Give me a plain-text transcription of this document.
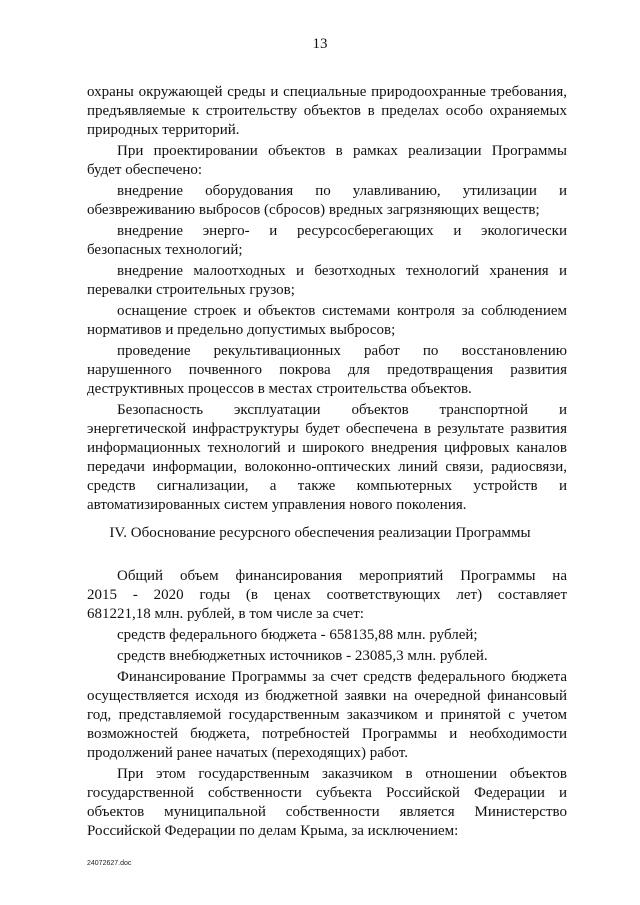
13
охраны окружающей среды и специальные природоохранные требования,
предъявляемые к строительству объектов в пределах особо охраняемых
природных территорий.
При проектировании объектов в рамках реализации Программы
будет обеспечено:
внедрение оборудования по улавливанию, утилизации и
обезвреживанию выбросов (сбросов) вредных загрязняющих веществ;
внедрение энерго- и ресурсосберегающих и экологически
безопасных технологий;
внедрение малоотходных и безотходных технологий хранения и
перевалки строительных грузов;
оснащение строек и объектов системами контроля за соблюдением
нормативов и предельно допустимых выбросов;
проведение рекультивационных работ по восстановлению
нарушенного почвенного покрова для предотвращения развития
деструктивных процессов в местах строительства объектов.
Безопасность эксплуатации объектов транспортной и
энергетической инфраструктуры будет обеспечена в результате развития
информационных технологий и широкого внедрения цифровых каналов
передачи информации, волоконно-оптических линий связи, радиосвязи,
средств сигнализации, а также компьютерных устройств и
автоматизированных систем управления нового поколения.
Общий объем финансирования мероприятий Программы на
2015 - 2020 годы (в ценах соответствующих лет) составляет
681221,18 млн. рублей, в том числе за счет:
средств федерального бюджета - 658135,88 млн. рублей;
средств внебюджетных источников - 23085,3 млн. рублей.
Финансирование Программы за счет средств федерального бюджета
осуществляется исходя из бюджетной заявки на очередной финансовый
год, представляемой государственным заказчиком и принятой с учетом
возможностей бюджета, потребностей Программы и необходимости
продолжений ранее начатых (переходящих) работ.
При этом государственным заказчиком в отношении объектов
государственной собственности субъекта Российской Федерации и
объектов муниципальной собственности является Министерство
Российской Федерации по делам Крыма, за исключением:
IV. Обоснование ресурсного обеспечения реализации Программы
24072627.doc
